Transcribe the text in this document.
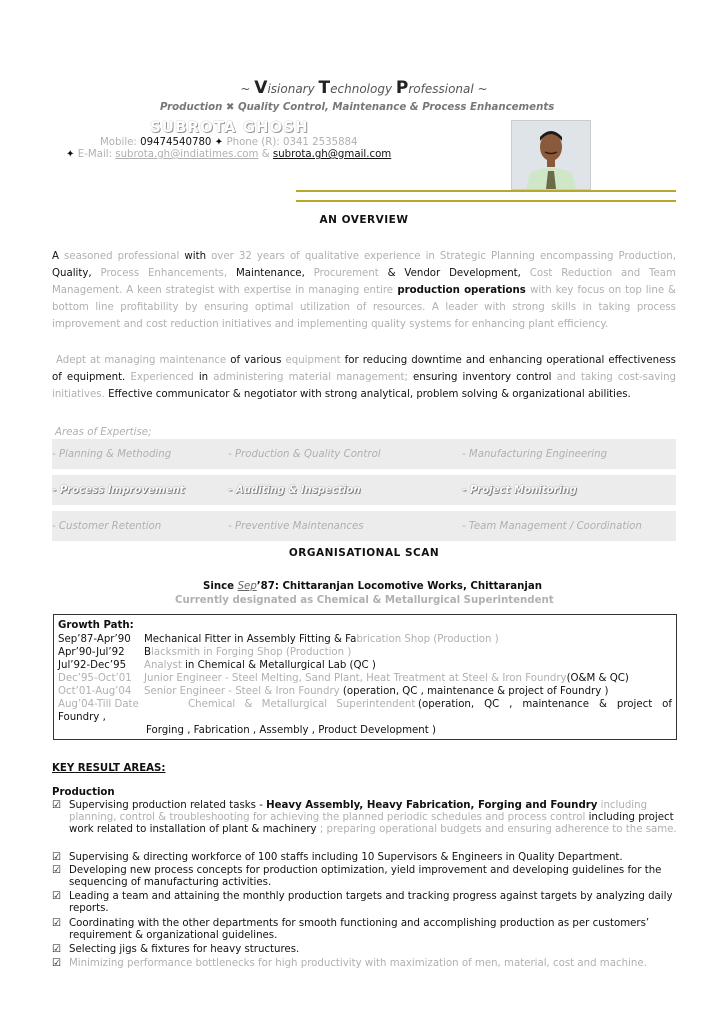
~ Visionary Technology Professional ~
Production ✖ Quality Control, Maintenance & Process Enhancements
SUBROTA GHOSH
Mobile: 09474540780 ✦ Phone (R): 0341 2535884
✦ E-Mail: subrota.gh@indiatimes.com & subrota.gh@gmail.com
AN OVERVIEW
A seasoned professional with over 32 years of qualitative experience in Strategic Planning encompassing Production, Quality, Process Enhancements, Maintenance, Procurement & Vendor Development, Cost Reduction and Team Management. A keen strategist with expertise in managing entire production operations with key focus on top line & bottom line profitability by ensuring optimal utilization of resources. A leader with strong skills in taking process improvement and cost reduction initiatives and implementing quality systems for enhancing plant efficiency.
Adept at managing maintenance of various equipment for reducing downtime and enhancing operational effectiveness of equipment. Experienced in administering material management; ensuring inventory control and taking cost-saving initiatives. Effective communicator & negotiator with strong analytical, problem solving & organizational abilities.
Areas of Expertise;
- Planning & Methoding	- Production & Quality Control	- Manufacturing Engineering
- Process Improvement	- Auditing & Inspection	- Project Monitoring
- Customer Retention	- Preventive Maintenances	- Team Management / Coordination
ORGANISATIONAL SCAN
Since Sep’87: Chittaranjan Locomotive Works, Chittaranjan
Currently designated as Chemical & Metallurgical Superintendent
Growth Path:
Sep’87-Apr’90 Mechanical Fitter in Assembly Fitting & Fabrication Shop (Production )
Apr’90-Jul’92 Blacksmith in Forging Shop (Production )
Jul’92-Dec’95 Analyst in Chemical & Metallurgical Lab (QC )
Dec’95-Oct’01 Junior Engineer - Steel Melting, Sand Plant, Heat Treatment at Steel & Iron Foundry(O&M & QC)
Oct’01-Aug’04 Senior Engineer - Steel & Iron Foundry (operation, QC , maintenance & project of Foundry )
Aug’04-Till Date	Chemical & Metallurgical Superintendent (operation, QC , maintenance & project of
Foundry ,
Forging , Fabrication , Assembly , Product Development )
KEY RESULT AREAS:
Production
☑ Supervising production related tasks - Heavy Assembly, Heavy Fabrication, Forging and Foundry including planning, control & troubleshooting for achieving the planned periodic schedules and process control including project work related to installation of plant & machinery ; preparing operational budgets and ensuring adherence to the same.
☑ Supervising & directing workforce of 100 staffs including 10 Supervisors & Engineers in Quality Department.
☑ Developing new process concepts for production optimization, yield improvement and developing guidelines for the sequencing of manufacturing activities.
☑ Leading a team and attaining the monthly production targets and tracking progress against targets by analyzing daily reports.
☑ Coordinating with the other departments for smooth functioning and accomplishing production as per customers’ requirement & organizational guidelines.
☑ Selecting jigs & fixtures for heavy structures.
☑ Minimizing performance bottlenecks for high productivity with maximization of men, material, cost and machine.
